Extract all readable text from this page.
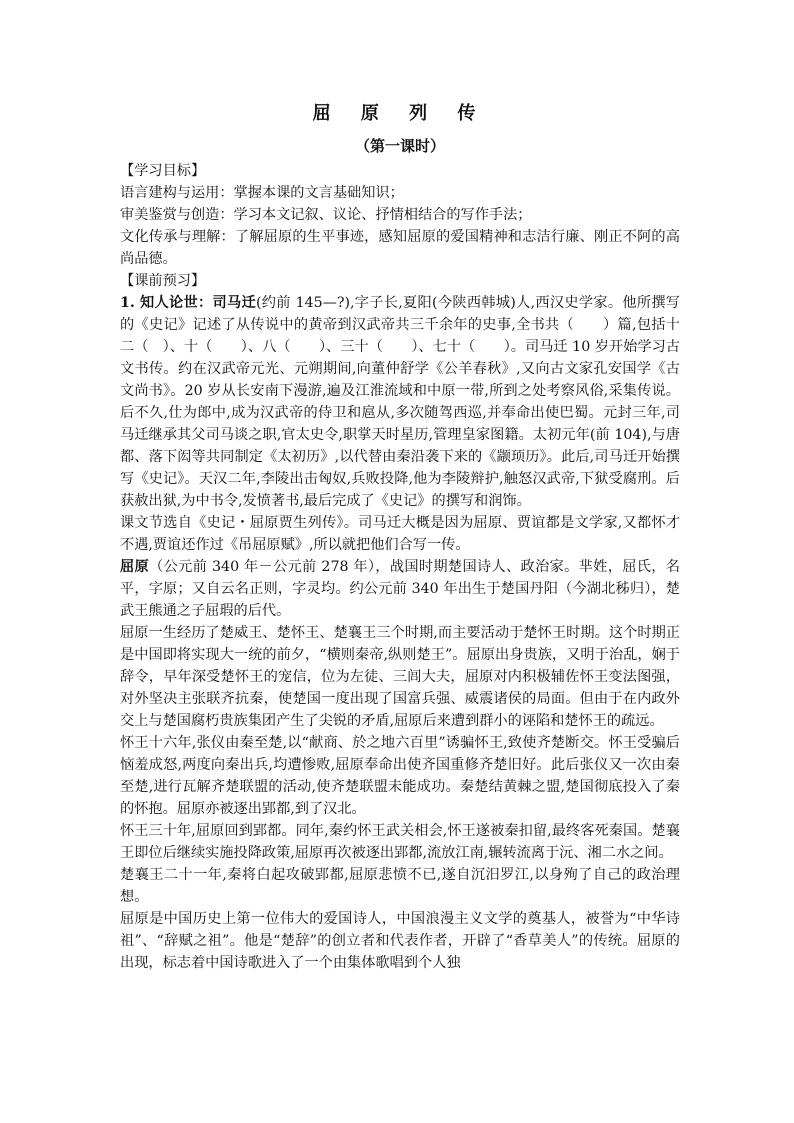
屈 原 列 传
（第一课时）

【学习目标】

语言建构与运用：掌握本课的文言基础知识；

审美鉴赏与创造：学习本文记叙、议论、抒情相结合的写作手法；

文化传承与理解：了解屈原的生平事迹，感知屈原的爱国精神和志洁行廉、刚正不阿的高尚品德。

【课前预习】

1. 知人论世：司马迁(约前 145—?),字子长,夏阳(今陕西韩城)人,西汉史学家。他所撰写的《史记》记述了从传说中的黄帝到汉武帝共三千余年的史事,全书共（　　）篇,包括十二（　）、十（　　）、八（　　）、三十（　　）、七十（　　）。司马迁 10 岁开始学习古文书传。约在汉武帝元光、元朔期间,向董仲舒学《公羊春秋》,又向古文家孔安国学《古文尚书》。20 岁从长安南下漫游,遍及江淮流域和中原一带,所到之处考察风俗,采集传说。后不久,仕为郎中,成为汉武帝的侍卫和扈从,多次随驾西巡,并奉命出使巴蜀。元封三年,司马迁继承其父司马谈之职,官太史令,职掌天时星历,管理皇家图籍。太初元年(前 104),与唐都、落下闳等共同制定《太初历》,以代替由秦沿袭下来的《颛顼历》。此后,司马迁开始撰写《史记》。天汉二年,李陵出击匈奴,兵败投降,他为李陵辩护,触怒汉武帝,下狱受腐刑。后获赦出狱,为中书令,发愤著书,最后完成了《史记》的撰写和润饰。

课文节选自《史记・屈原贾生列传》。司马迁大概是因为屈原、贾谊都是文学家,又都怀才不遇,贾谊还作过《吊屈原赋》,所以就把他们合写一传。

屈原（公元前 340 年－公元前 278 年），战国时期楚国诗人、政治家。芈姓，屈氏，名平，字原；又自云名正则，字灵均。约公元前 340 年出生于楚国丹阳（今湖北秭归），楚武王熊通之子屈瑕的后代。

屈原一生经历了楚威王、楚怀王、楚襄王三个时期,而主要活动于楚怀王时期。这个时期正是中国即将实现大一统的前夕，“横则秦帝,纵则楚王”。屈原出身贵族，又明于治乱，娴于辞令，早年深受楚怀王的宠信，位为左徒、三闾大夫，屈原对内积极辅佐怀王变法图强，对外坚决主张联齐抗秦，使楚国一度出现了国富兵强、威震诸侯的局面。但由于在内政外交上与楚国腐朽贵族集团产生了尖锐的矛盾,屈原后来遭到群小的诬陷和楚怀王的疏远。

怀王十六年,张仪由秦至楚,以“献商、於之地六百里”诱骗怀王,致使齐楚断交。怀王受骗后恼羞成怒,两度向秦出兵,均遭惨败,屈原奉命出使齐国重修齐楚旧好。此后张仪又一次由秦至楚,进行瓦解齐楚联盟的活动,使齐楚联盟未能成功。秦楚结黄棘之盟,楚国彻底投入了秦的怀抱。屈原亦被逐出郢都,到了汉北。

怀王三十年,屈原回到郢都。同年,秦约怀王武关相会,怀王遂被秦扣留,最终客死秦国。楚襄王即位后继续实施投降政策,屈原再次被逐出郢都,流放江南,辗转流离于沅、湘二水之间。

楚襄王二十一年,秦将白起攻破郢都,屈原悲愤不已,遂自沉汨罗江,以身殉了自己的政治理想。

屈原是中国历史上第一位伟大的爱国诗人，中国浪漫主义文学的奠基人，被誉为“中华诗祖”、“辞赋之祖”。他是“楚辞”的创立者和代表作者，开辟了“香草美人”的传统。屈原的出现，标志着中国诗歌进入了一个由集体歌唱到个人独
